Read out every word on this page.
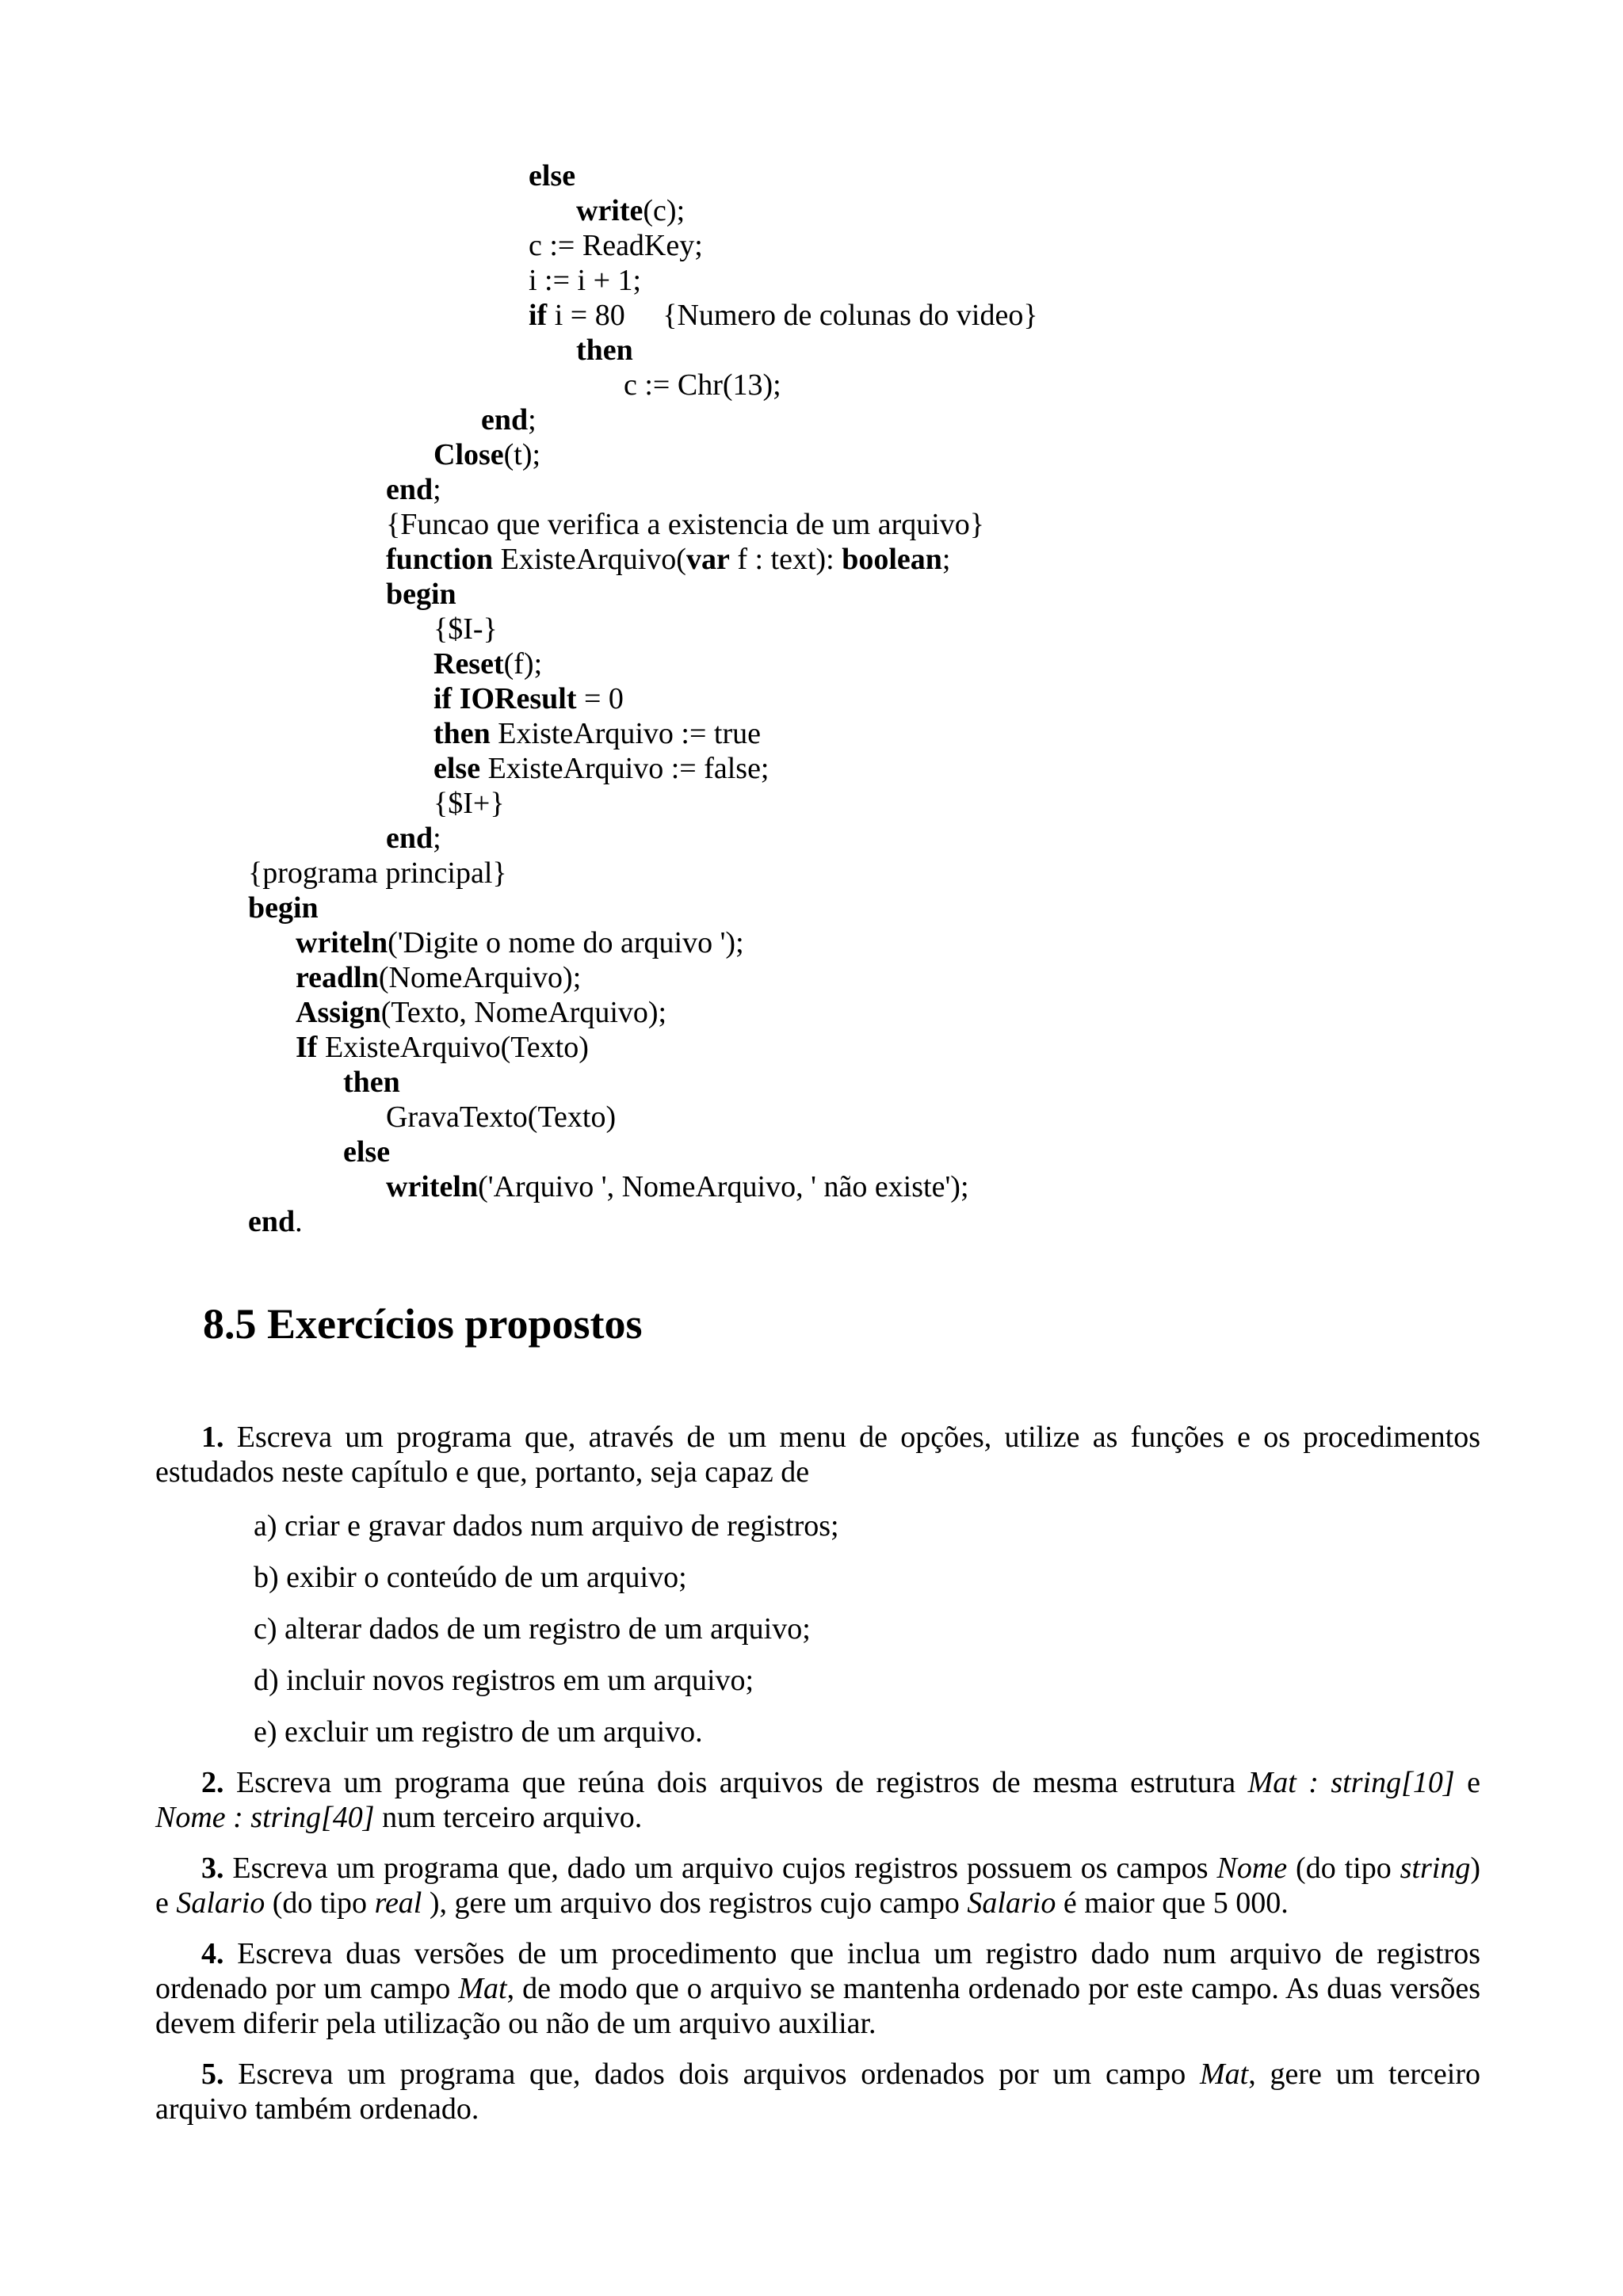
else
write(c);
c := ReadKey;
i := i + 1;
if i = 80     {Numero de colunas do video}
then
c := Chr(13);
end;
Close(t);
end;
{Funcao que verifica a existencia de um arquivo}
function ExisteArquivo(var f : text): boolean;
begin
{$I-}
Reset(f);
if IOResult = 0
then ExisteArquivo := true
else ExisteArquivo := false;
{$I+}
end;
{programa principal}
begin
writeln('Digite o nome do arquivo ');
readln(NomeArquivo);
Assign(Texto, NomeArquivo);
If ExisteArquivo(Texto)
then
GravaTexto(Texto)
else
writeln('Arquivo ', NomeArquivo, ' não existe');
end.
8.5 Exercícios propostos
1. Escreva um programa que, através de um menu de opções, utilize as funções e os procedimentos estudados neste capítulo e que, portanto, seja capaz de
a) criar e gravar dados num arquivo de registros;
b) exibir o conteúdo de um arquivo;
c) alterar dados de um registro de um arquivo;
d) incluir novos registros em um arquivo;
e) excluir um registro de um arquivo.
2. Escreva um programa que reúna dois arquivos de registros de mesma estrutura Mat : string[10] e Nome : string[40] num terceiro arquivo.
3. Escreva um programa que, dado um arquivo cujos registros possuem os campos Nome (do tipo string) e Salario (do tipo real ), gere um arquivo dos registros cujo campo Salario é maior que 5 000.
4. Escreva duas versões de um procedimento que inclua um registro dado num arquivo de registros ordenado por um campo Mat, de modo que o arquivo se mantenha ordenado por este campo. As duas versões devem diferir pela utilização ou não de um arquivo auxiliar.
5. Escreva um programa que, dados dois arquivos ordenados por um campo Mat, gere um terceiro arquivo também ordenado.
